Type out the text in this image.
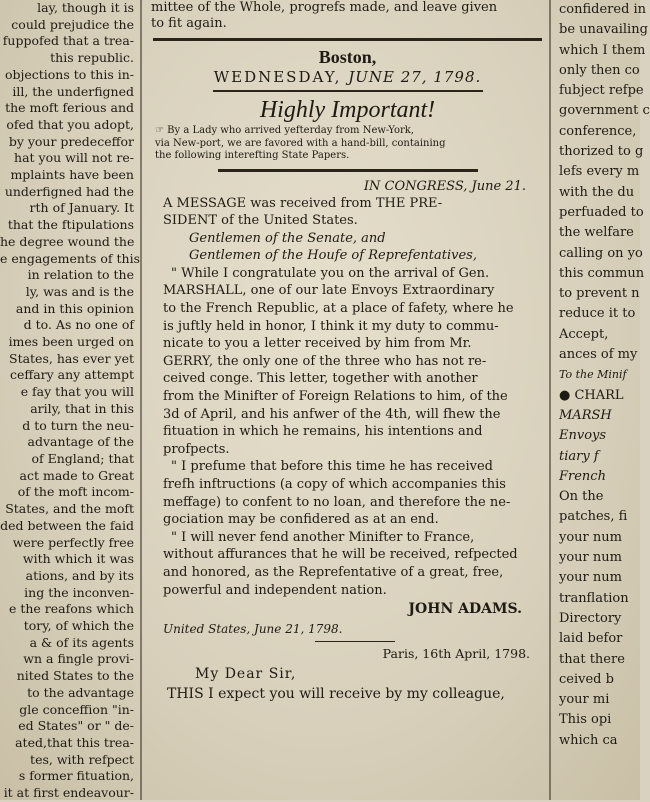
lay, though it is
could prejudice the
fuppofed that a trea-
this republic.
objections to this in-
ill, the underfigned
the moft ferious and
ofed that you adopt,
by your predeceffor
hat you will not re-
mplaints have been
underfigned had the
rth of January. It
that the ftipulations
he degree wound the
e engagements of this
in relation to the
ly, was and is the
and in this opinion
d to. As no one of
imes been urged on
States, has ever yet
ceffary any attempt
e fay that you will
arily, that in this
d to turn the neu-
advantage of the
of England; that
act made to Great
of the moft incom-
States, and the moft
ded between the faid
were perfectly free
with which it was
ations, and by its
ing the inconven-
e the reafons which
tory, of which the
a & of its agents
wn a fingle provi-
nited States to the
to the advantage
gle conceffion "in-
ed States" or " de-
ated,that this trea-
tes, with refpect
s former fituation,
it at first endeavour-
mittee of the Whole, progrefs made, and leave given
to fit again.
Boston,
WEDNESDAY, JUNE 27, 1798.
Highly Important!
☞ By a Lady who arrived yefterday from New-York,
via New-port, we are favored with a hand-bill, containing
the following interefting State Papers.
IN CONGRESS, June 21.
A MESSAGE was received from THE PRE-
SIDENT of the United States.
Gentlemen of the Senate, and
Gentlemen of the Houfe of Reprefentatives,
" While I congratulate you on the arrival of Gen.
MARSHALL, one of our late Envoys Extraordinary
to the French Republic, at a place of fafety, where he
is juftly held in honor, I think it my duty to commu-
nicate to you a letter received by him from Mr.
GERRY, the only one of the three who has not re-
ceived conge. This letter, together with another
from the Minifter of Foreign Relations to him, of the
3d of April, and his anfwer of the 4th, will fhew the
fituation in which he remains, his intentions and
profpects.
" I prefume that before this time he has received
frefh inftructions (a copy of which accompanies this
meffage) to confent to no loan, and therefore the ne-
gociation may be confidered as at an end.
" I will never fend another Minifter to France,
without affurances that he will be received, refpected
and honored, as the Reprefentative of a great, free,
powerful and independent nation.
JOHN ADAMS.
United States, June 21, 1798.
Paris, 16th April, 1798.
My Dear Sir,
THIS I expect you will receive by my colleague,
confidered in
be unavailing
which I them
only then co
fubject refpe
government c
conference,
thorized to g
lefs every m
with the du
perfuaded to
the welfare
calling on yo
this commun
to prevent n
reduce it to
Accept,
ances of my
To the Minif
● CHARL
MARSH
Envoys
tiary f
French
On the
patches, fi
your num
your num
your num
tranflation
Directory
laid befor
that there
ceived b
your mi
This opi
which ca
